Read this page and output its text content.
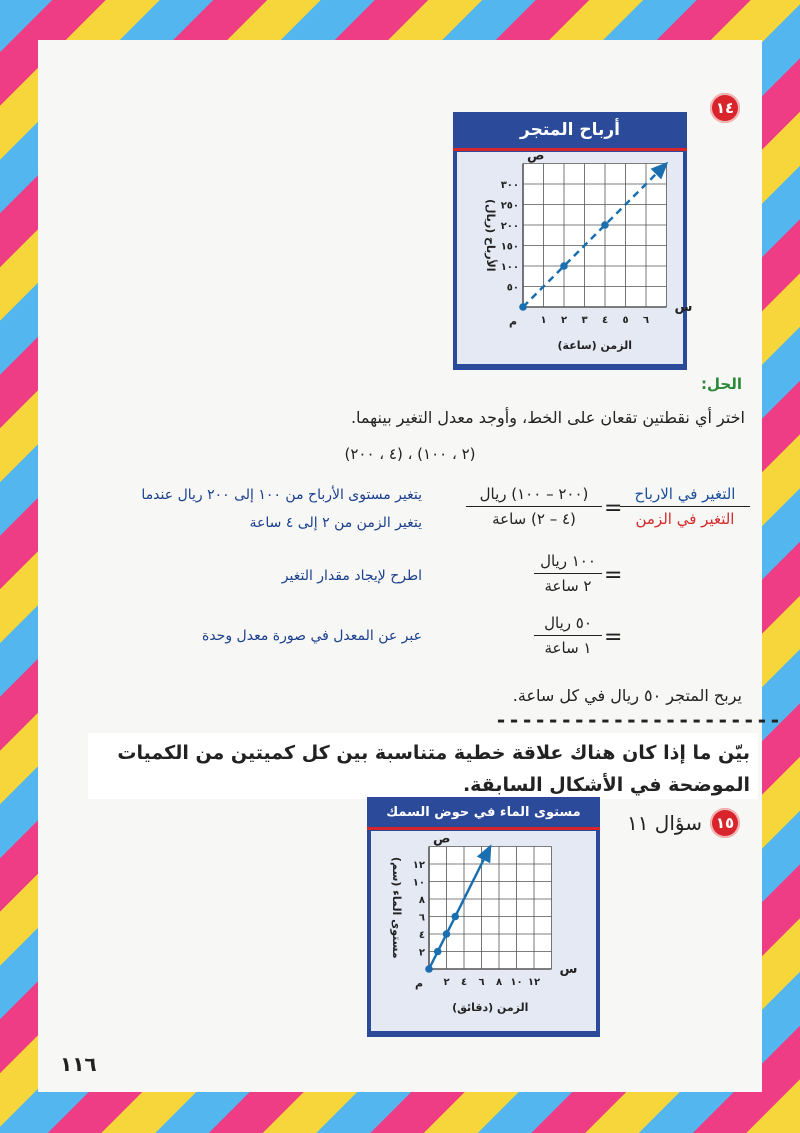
١٤
أرباح المتجر
س
ص
م
٣٠٠
٢٥٠
٢٠٠
١٥٠
١٠٠
٥٠
١ ٢ ٣ ٤ ٥ ٦
الزمن (ساعة)
الأرباح (ريال)
الحل:
اختر أي نقطتين تقعان على الخط، وأوجد معدل التغير بينهما.
(٢ ، ١٠٠) ، (٤ ، ٢٠٠)
التغير في الارباح
التغير في الزمن
=
(٢٠٠ – ١٠٠) ريال
(٤ – ٢) ساعة
يتغير مستوى الأرباح من ١٠٠ إلى ٢٠٠ ريال عندما
يتغير الزمن من ٢ إلى ٤ ساعة
=
١٠٠ ريال
٢ ساعة
اطرح لإيجاد مقدار التغير
=
٥٠ ريال
١ ساعة
عبر عن المعدل في صورة معدل وحدة
يربح المتجر ٥٠ ريال في كل ساعة.
----------------------
بيّن ما إذا كان هناك علاقة خطية متناسبة بين كل كميتين من الكميات الموضحة في الأشكال السابقة.
١٥
سؤال ١١
مستوى الماء في حوض السمك
س
ص
م
١٢
١٠
٨
٦
٤
٢
٢ ٤ ٦ ٨ ١٠ ١٢
الزمن (دقائق)
مستوى الماء (سم)
١١٦
